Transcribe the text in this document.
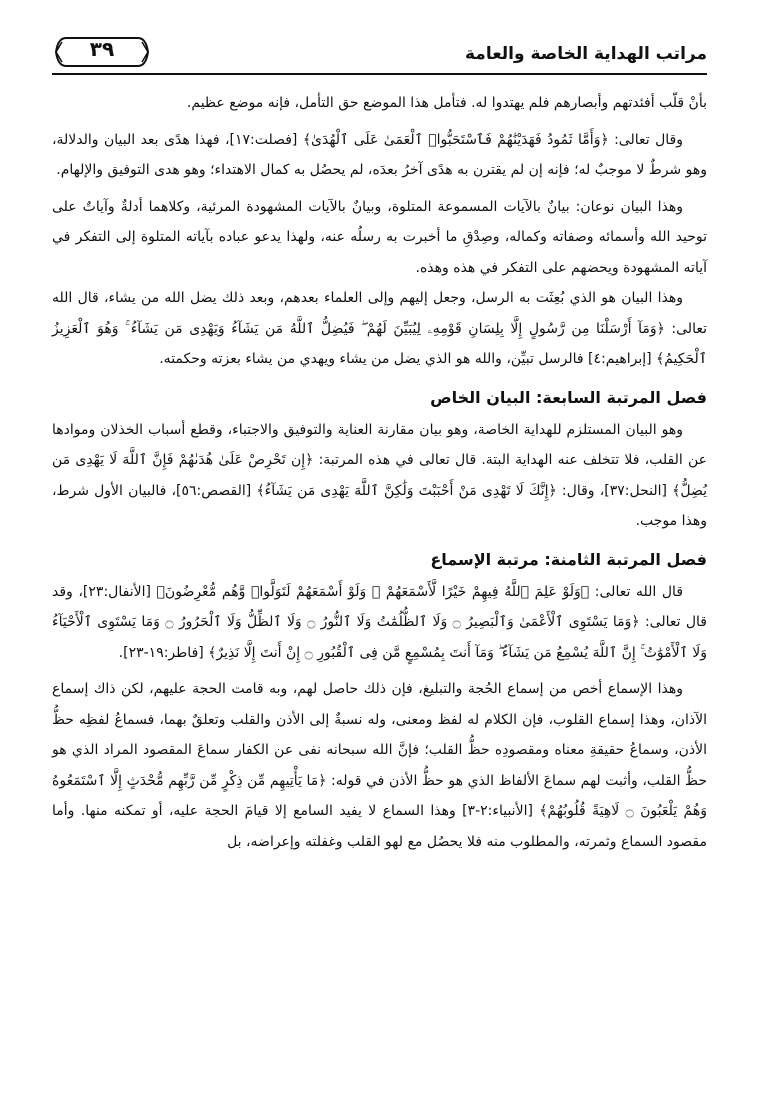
مراتب الهداية الخاصة والعامة
٣٩

بأنْ قلّب أفئدتهم وأبصارهم فلم يهتدوا له. فتأمل هذا الموضع حق التأمل، فإنه موضع عظيم.

وقال تعالى: ﴿وَأَمَّا ثَمُودُ فَهَدَيْنَٰهُمْ فَٱسْتَحَبُّوا۟ ٱلْعَمَىٰ عَلَى ٱلْهُدَىٰ﴾ [فصلت:١٧]، فهذا هدًى بعد البيان والدلالة، وهو شرطٌ لا موجبٌ له؛ فإنه إن لم يقترن به هدًى آخرُ بعدَه، لم يحصُل به كمال الاهتداء؛ وهو هدى التوفيق والإلهام.

وهذا البيان نوعان: بيانٌ بالآيات المسموعة المتلوة، وبيانٌ بالآيات المشهودة المرئية، وكلاهما أدلةٌ وآياتٌ على توحيد الله وأسمائه وصفاته وكماله، وصِدْقِ ما أخبرت به رسلُه عنه، ولهذا يدعو عباده بآياته المتلوة إلى التفكر في آياته المشهودة ويحضهم على التفكر في هذه وهذه.

وهذا البيان هو الذي بُعِثَت به الرسل، وجعل إليهم وإلى العلماء بعدهم، وبعد ذلك يضل الله من يشاء، قال الله تعالى: ﴿وَمَآ أَرْسَلْنَا مِن رَّسُولٍ إِلَّا بِلِسَانِ قَوْمِهِۦ لِيُبَيِّنَ لَهُمْ ۖ فَيُضِلُّ ٱللَّهُ مَن يَشَآءُ وَيَهْدِى مَن يَشَآءُ ۚ وَهُوَ ٱلْعَزِيزُ ٱلْحَكِيمُ﴾ [إبراهيم:٤] فالرسل تبيِّن، والله هو الذي يضل من يشاء ويهدي من يشاء بعزته وحكمته.

فصل المرتبة السابعة: البيان الخاص

وهو البيان المستلزم للهداية الخاصة، وهو بيان مقارنة العناية والتوفيق والاجتباء، وقطع أسباب الخذلان وموادها عن القلب، فلا تتخلف عنه الهداية البتة. قال تعالى في هذه المرتبة: ﴿إِن تَحْرِصْ عَلَىٰ هُدَىٰهُمْ فَإِنَّ ٱللَّهَ لَا يَهْدِى مَن يُضِلُّ﴾ [النحل:٣٧]، وقال: ﴿إِنَّكَ لَا تَهْدِى مَنْ أَحْبَبْتَ وَلَٰكِنَّ ٱللَّهَ يَهْدِى مَن يَشَآءُ﴾ [القصص:٥٦]، فالبيان الأول شرط، وهذا موجب.

فصل المرتبة الثامنة: مرتبة الإسماع

قال الله تعالى: ﴿وَلَوْ عَلِمَ ٱللَّهُ فِيهِمْ خَيْرًا لَّأَسْمَعَهُمْ ۖ وَلَوْ أَسْمَعَهُمْ لَتَوَلَّوا۟ وَّهُم مُّعْرِضُونَ﴾ [الأنفال:٢٣]، وقد قال تعالى: ﴿وَمَا يَسْتَوِى ٱلْأَعْمَىٰ وَٱلْبَصِيرُ ۝ وَلَا ٱلظُّلُمَٰتُ وَلَا ٱلنُّورُ ۝ وَلَا ٱلظِّلُّ وَلَا ٱلْحَرُورُ ۝ وَمَا يَسْتَوِى ٱلْأَحْيَآءُ وَلَا ٱلْأَمْوَٰتُ ۚ إِنَّ ٱللَّهَ يُسْمِعُ مَن يَشَآءُ ۖ وَمَآ أَنتَ بِمُسْمِعٍ مَّن فِى ٱلْقُبُورِ ۝ إِنْ أَنتَ إِلَّا نَذِيرٌ﴾ [فاطر:١٩-٢٣].

وهذا الإسماع أخص من إسماع الحُجة والتبليغ، فإن ذلك حاصل لهم، وبه قامت الحجة عليهم، لكن ذاك إسماع الآذان، وهذا إسماع القلوب، فإن الكلام له لفظ ومعنى، وله نسبةٌ إلى الأذن والقلب وتعلقٌ بهما، فسماعُ لفظِه حظُّ الأذن، وسماعُ حقيقةِ معناه ومقصودِه حظُّ القلب؛ فإنَّ الله سبحانه نفى عن الكفار سماعَ المقصود المراد الذي هو حظُّ القلب، وأثبت لهم سماعَ الألفاظ الذي هو حظُّ الأذن في قوله: ﴿مَا يَأْتِيهِم مِّن ذِكْرٍ مِّن رَّبِّهِم مُّحْدَثٍ إِلَّا ٱسْتَمَعُوهُ وَهُمْ يَلْعَبُونَ ۝ لَاهِيَةً قُلُوبُهُمْ﴾ [الأنبياء:٢-٣] وهذا السماع لا يفيد السامع إلا قيامَ الحجة عليه، أو تمكنه منها. وأما مقصود السماع وثمرته، والمطلوب منه فلا يحصُل مع لهو القلب وغفلته وإعراضه، بل
